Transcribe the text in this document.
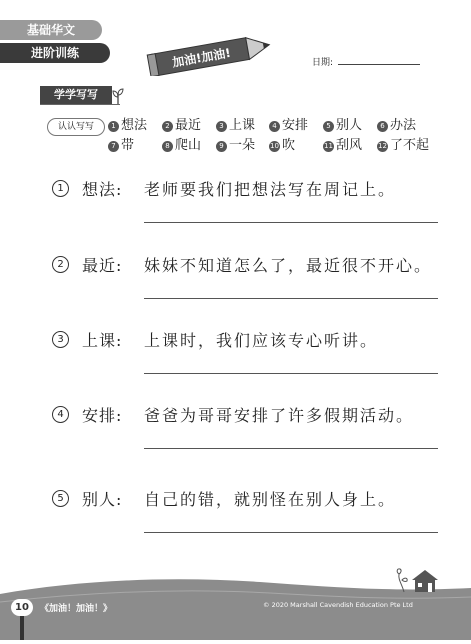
基础华文
进阶训练	加油!加油!	日期:
学学写写
认认写写	1 想法	2 最近	3 上课	4 安排	5 别人	6 办法
7 带	8 爬山	9 一朵 10 吹	11 刮风 12 了不起
1	想法: 老师要我们把想法写在周记上。
2	最近: 妹妹不知道怎么了，最近很不开心。
3	上课: 上课时，我们应该专心听讲。
4	安排: 爸爸为哥哥安排了许多假期活动。
5	别人: 自己的错，就别怪在别人身上。
10	《加油！加油！》	© 2020 Marshall Cavendish Education Pte Ltd
